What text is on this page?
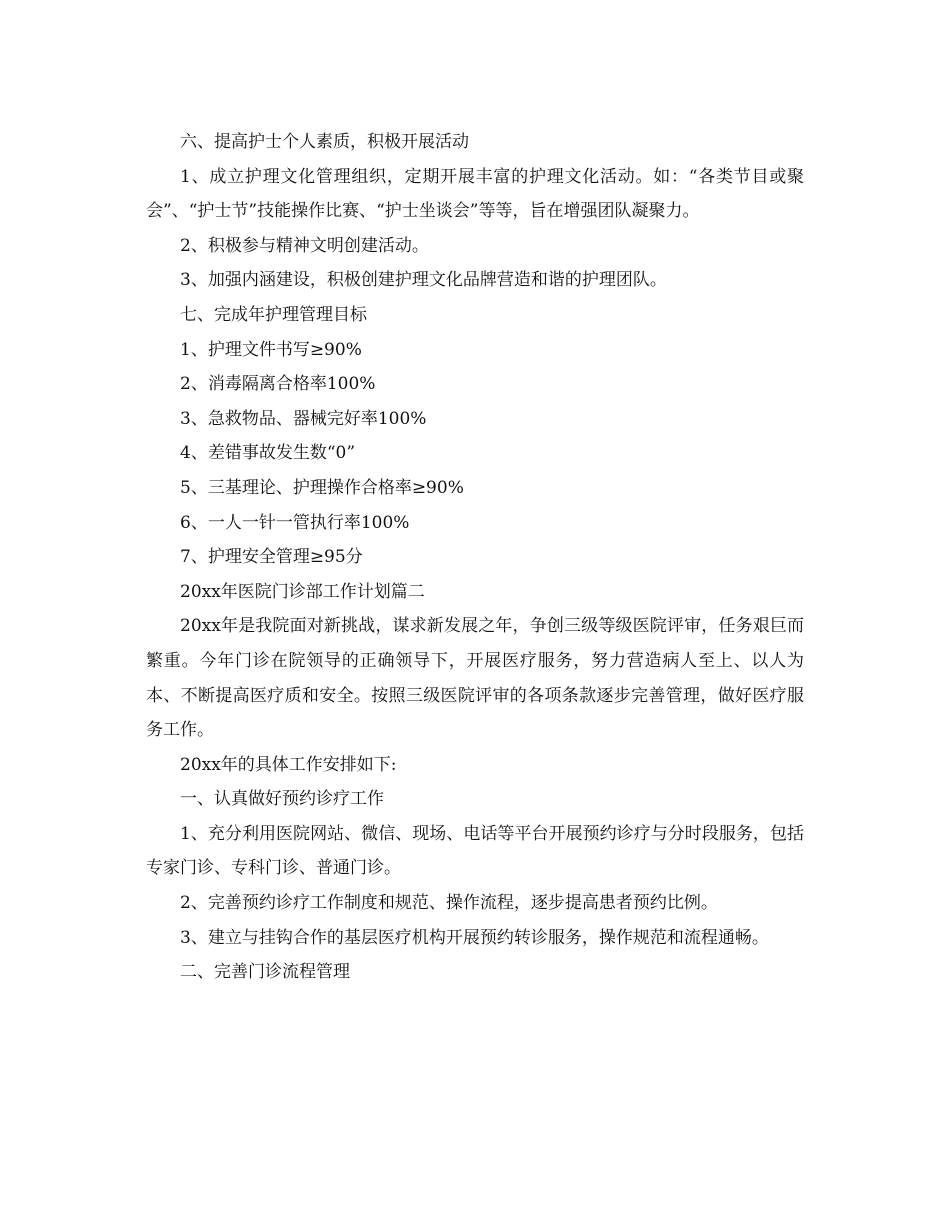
六、提高护士个人素质，积极开展活动

1、成立护理文化管理组织，定期开展丰富的护理文化活动。如：“各类节目或聚会”、“护士节”技能操作比赛、“护士坐谈会”等等，旨在增强团队凝聚力。

2、积极参与精神文明创建活动。

3、加强内涵建设，积极创建护理文化品牌营造和谐的护理团队。

七、完成年护理管理目标

1、护理文件书写≥90%

2、消毒隔离合格率100%

3、急救物品、器械完好率100%

4、差错事故发生数“0”

5、三基理论、护理操作合格率≥90%

6、一人一针一管执行率100%

7、护理安全管理≥95分

20xx年医院门诊部工作计划篇二

20xx年是我院面对新挑战，谋求新发展之年，争创三级等级医院评审，任务艰巨而繁重。今年门诊在院领导的正确领导下，开展医疗服务，努力营造病人至上、以人为本、不断提高医疗质和安全。按照三级医院评审的各项条款逐步完善管理，做好医疗服务工作。

20xx年的具体工作安排如下:

一、认真做好预约诊疗工作

1、充分利用医院网站、微信、现场、电话等平台开展预约诊疗与分时段服务，包括专家门诊、专科门诊、普通门诊。

2、完善预约诊疗工作制度和规范、操作流程，逐步提高患者预约比例。

3、建立与挂钩合作的基层医疗机构开展预约转诊服务，操作规范和流程通畅。

二、完善门诊流程管理
